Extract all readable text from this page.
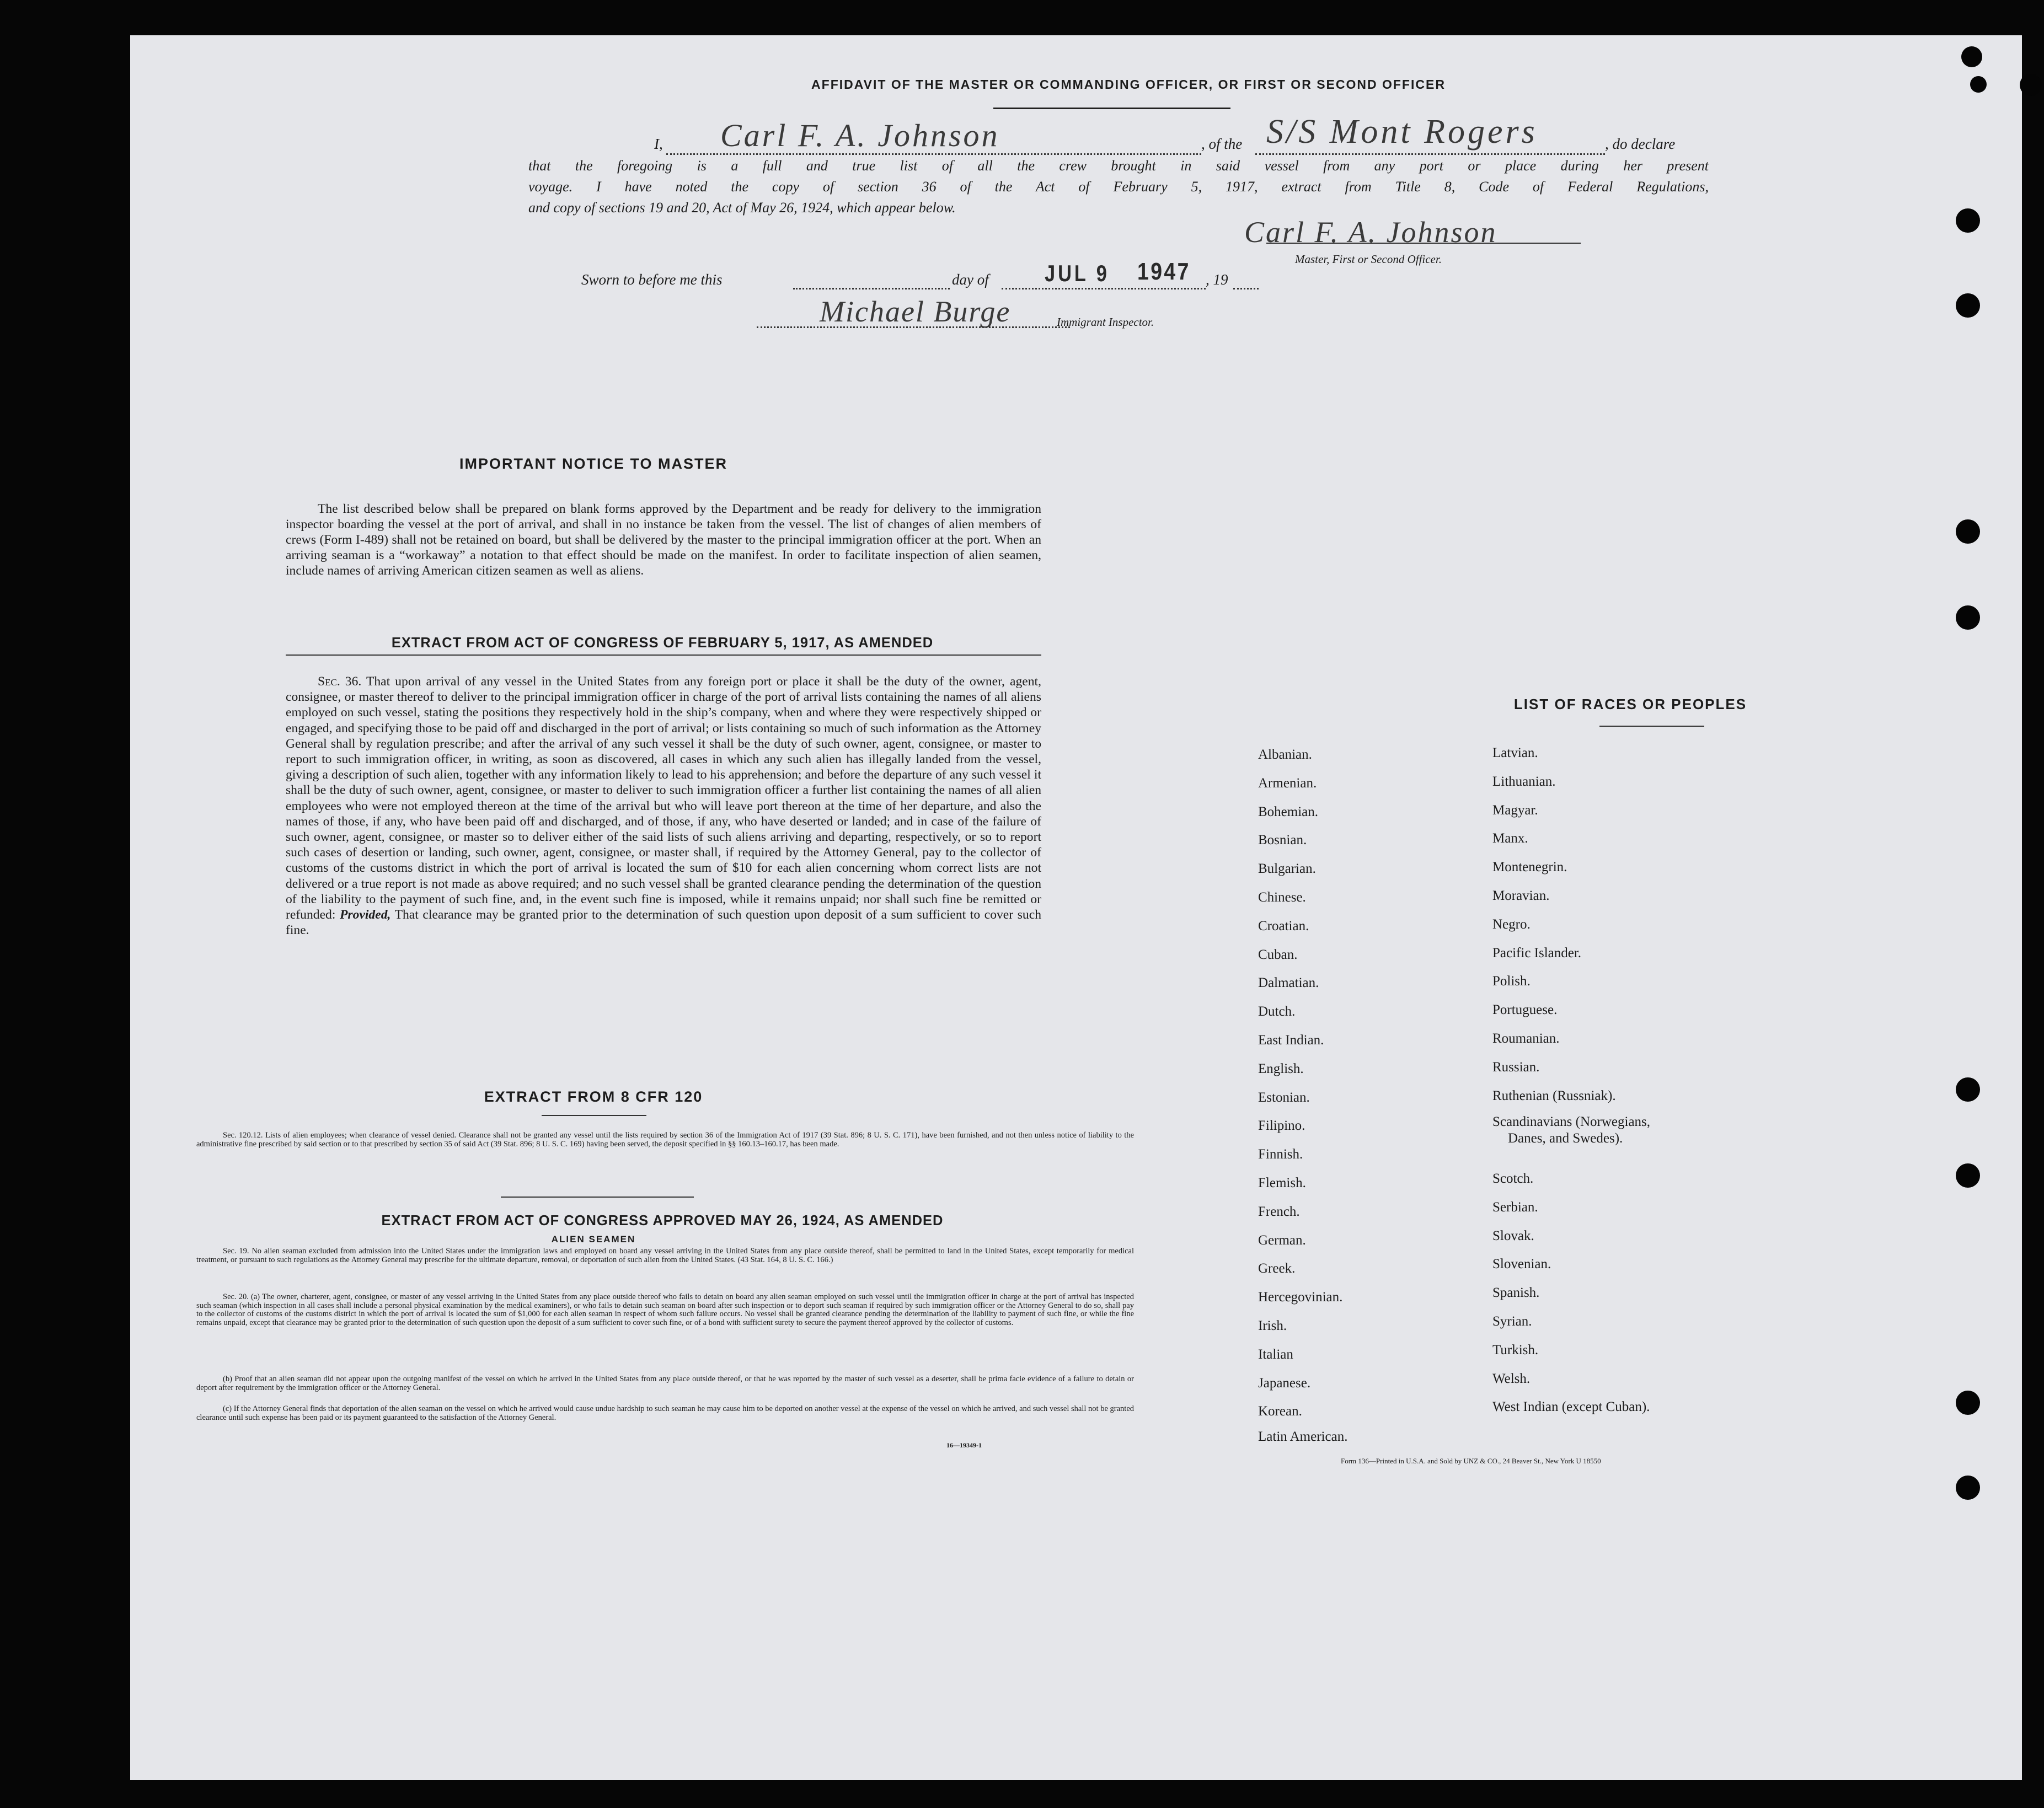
AFFIDAVIT OF THE MASTER OR COMMANDING OFFICER, OR FIRST OR SECOND OFFICER
I, Carl F. A. Johnson	, of the S/S Mont Rogers	, do declare
that the foregoing is a full and true list of all the crew brought in said vessel from any port or place during her present
voyage. I have noted the copy of section 36 of the Act of February 5, 1917, extract from Title 8, Code of Federal Regulations,
and copy of sections 19 and 20, Act of May 26, 1924, which appear below.
Carl F. A. Johnson
Master, First or Second Officer.
Sworn to before me this	day of JUL 9 1947 , 19
Michael Burge	Immigrant Inspector.
IMPORTANT NOTICE TO MASTER
The list described below shall be prepared on blank forms approved by the Department and be ready for delivery to the immigration inspector boarding the vessel at the port of arrival, and shall in no instance be taken from the vessel. The list of changes of alien members of crews (Form I-489) shall not be retained on board, but shall be delivered by the master to the principal immigration officer at the port. When an arriving seaman is a “workaway” a notation to that effect should be made on the manifest. In order to facilitate inspection of alien seamen, include names of arriving American citizen seamen as well as aliens.
EXTRACT FROM ACT OF CONGRESS OF FEBRUARY 5, 1917, AS AMENDED
Sec. 36. That upon arrival of any vessel in the United States from any foreign port or place it shall be the duty of the owner, agent, consignee, or master thereof to deliver to the principal immigration officer in charge of the port of arrival lists containing the names of all aliens employed on such vessel, stating the positions they respectively hold in the ship’s company, when and where they were respectively shipped or engaged, and specifying those to be paid off and discharged in the port of arrival; or lists containing so much of such information as the Attorney General shall by regulation prescribe; and after the arrival of any such vessel it shall be the duty of such owner, agent, consignee, or master to report to such immigration officer, in writing, as soon as discovered, all cases in which any such alien has illegally landed from the vessel, giving a description of such alien, together with any information likely to lead to his apprehension; and before the departure of any such vessel it shall be the duty of such owner, agent, consignee, or master to deliver to such immigration officer a further list containing the names of all alien employees who were not employed thereon at the time of the arrival but who will leave port thereon at the time of her departure, and also the names of those, if any, who have been paid off and discharged, and of those, if any, who have deserted or landed; and in case of the failure of such owner, agent, consignee, or master so to deliver either of the said lists of such aliens arriving and departing, respectively, or so to report such cases of desertion or landing, such owner, agent, consignee, or master shall, if required by the Attorney General, pay to the collector of customs of the customs district in which the port of arrival is located the sum of $10 for each alien concerning whom correct lists are not delivered or a true report is not made as above required; and no such vessel shall be granted clearance pending the determination of the question of the liability to the payment of such fine, and, in the event such fine is imposed, while it remains unpaid; nor shall such fine be remitted or refunded: Provided, That clearance may be granted prior to the determination of such question upon deposit of a sum sufficient to cover such fine.
EXTRACT FROM 8 CFR 120
Sec. 120.12. Lists of alien employees; when clearance of vessel denied. Clearance shall not be granted any vessel until the lists required by section 36 of the Immigration Act of 1917 (39 Stat. 896; 8 U. S. C. 171), have been furnished, and not then unless notice of liability to the administrative fine prescribed by said section or to that prescribed by section 35 of said Act (39 Stat. 896; 8 U. S. C. 169) having been served, the deposit specified in §§ 160.13–160.17, has been made.
EXTRACT FROM ACT OF CONGRESS APPROVED MAY 26, 1924, AS AMENDED
ALIEN SEAMEN
Sec. 19. No alien seaman excluded from admission into the United States under the immigration laws and employed on board any vessel arriving in the United States from any place outside thereof, shall be permitted to land in the United States, except temporarily for medical treatment, or pursuant to such regulations as the Attorney General may prescribe for the ultimate departure, removal, or deportation of such alien from the United States. (43 Stat. 164, 8 U. S. C. 166.)
Sec. 20. (a) The owner, charterer, agent, consignee, or master of any vessel arriving in the United States from any place outside thereof who fails to detain on board any alien seaman employed on such vessel until the immigration officer in charge at the port of arrival has inspected such seaman (which inspection in all cases shall include a personal physical examination by the medical examiners), or who fails to detain such seaman on board after such inspection or to deport such seaman if required by such immigration officer or the Attorney General to do so, shall pay to the collector of customs of the customs district in which the port of arrival is located the sum of $1,000 for each alien seaman in respect of whom such failure occurs. No vessel shall be granted clearance pending the determination of the liability to payment of such fine, or while the fine remains unpaid, except that clearance may be granted prior to the determination of such question upon the deposit of a sum sufficient to cover such fine, or of a bond with sufficient surety to secure the payment thereof approved by the collector of customs.
(b) Proof that an alien seaman did not appear upon the outgoing manifest of the vessel on which he arrived in the United States from any place outside thereof, or that he was reported by the master of such vessel as a deserter, shall be prima facie evidence of a failure to detain or deport after requirement by the immigration officer or the Attorney General.
(c) If the Attorney General finds that deportation of the alien seaman on the vessel on which he arrived would cause undue hardship to such seaman he may cause him to be deported on another vessel at the expense of the vessel on which he arrived, and such vessel shall not be granted clearance until such expense has been paid or its payment guaranteed to the satisfaction of the Attorney General.
16—19349-1
LIST OF RACES OR PEOPLES
Albanian.
Armenian.
Bohemian.
Bosnian.
Bulgarian.
Chinese.
Croatian.
Cuban.
Dalmatian.
Dutch.
East Indian.
English.
Estonian.
Filipino.
Finnish.
Flemish.
French.
German.
Greek.
Hercegovinian.
Irish.
Italian
Japanese.
Korean.
Latin American.
Latvian.
Lithuanian.
Magyar.
Manx.
Montenegrin.
Moravian.
Negro.
Pacific Islander.
Polish.
Portuguese.
Roumanian.
Russian.
Ruthenian (Russniak).
Scandinavians (Norwegians,
Danes, and Swedes).
Scotch.
Serbian.
Slovak.
Slovenian.
Spanish.
Syrian.
Turkish.
Welsh.
West Indian (except Cuban).
Form 136—Printed in U.S.A. and Sold by UNZ & CO., 24 Beaver St., New York U 18550
